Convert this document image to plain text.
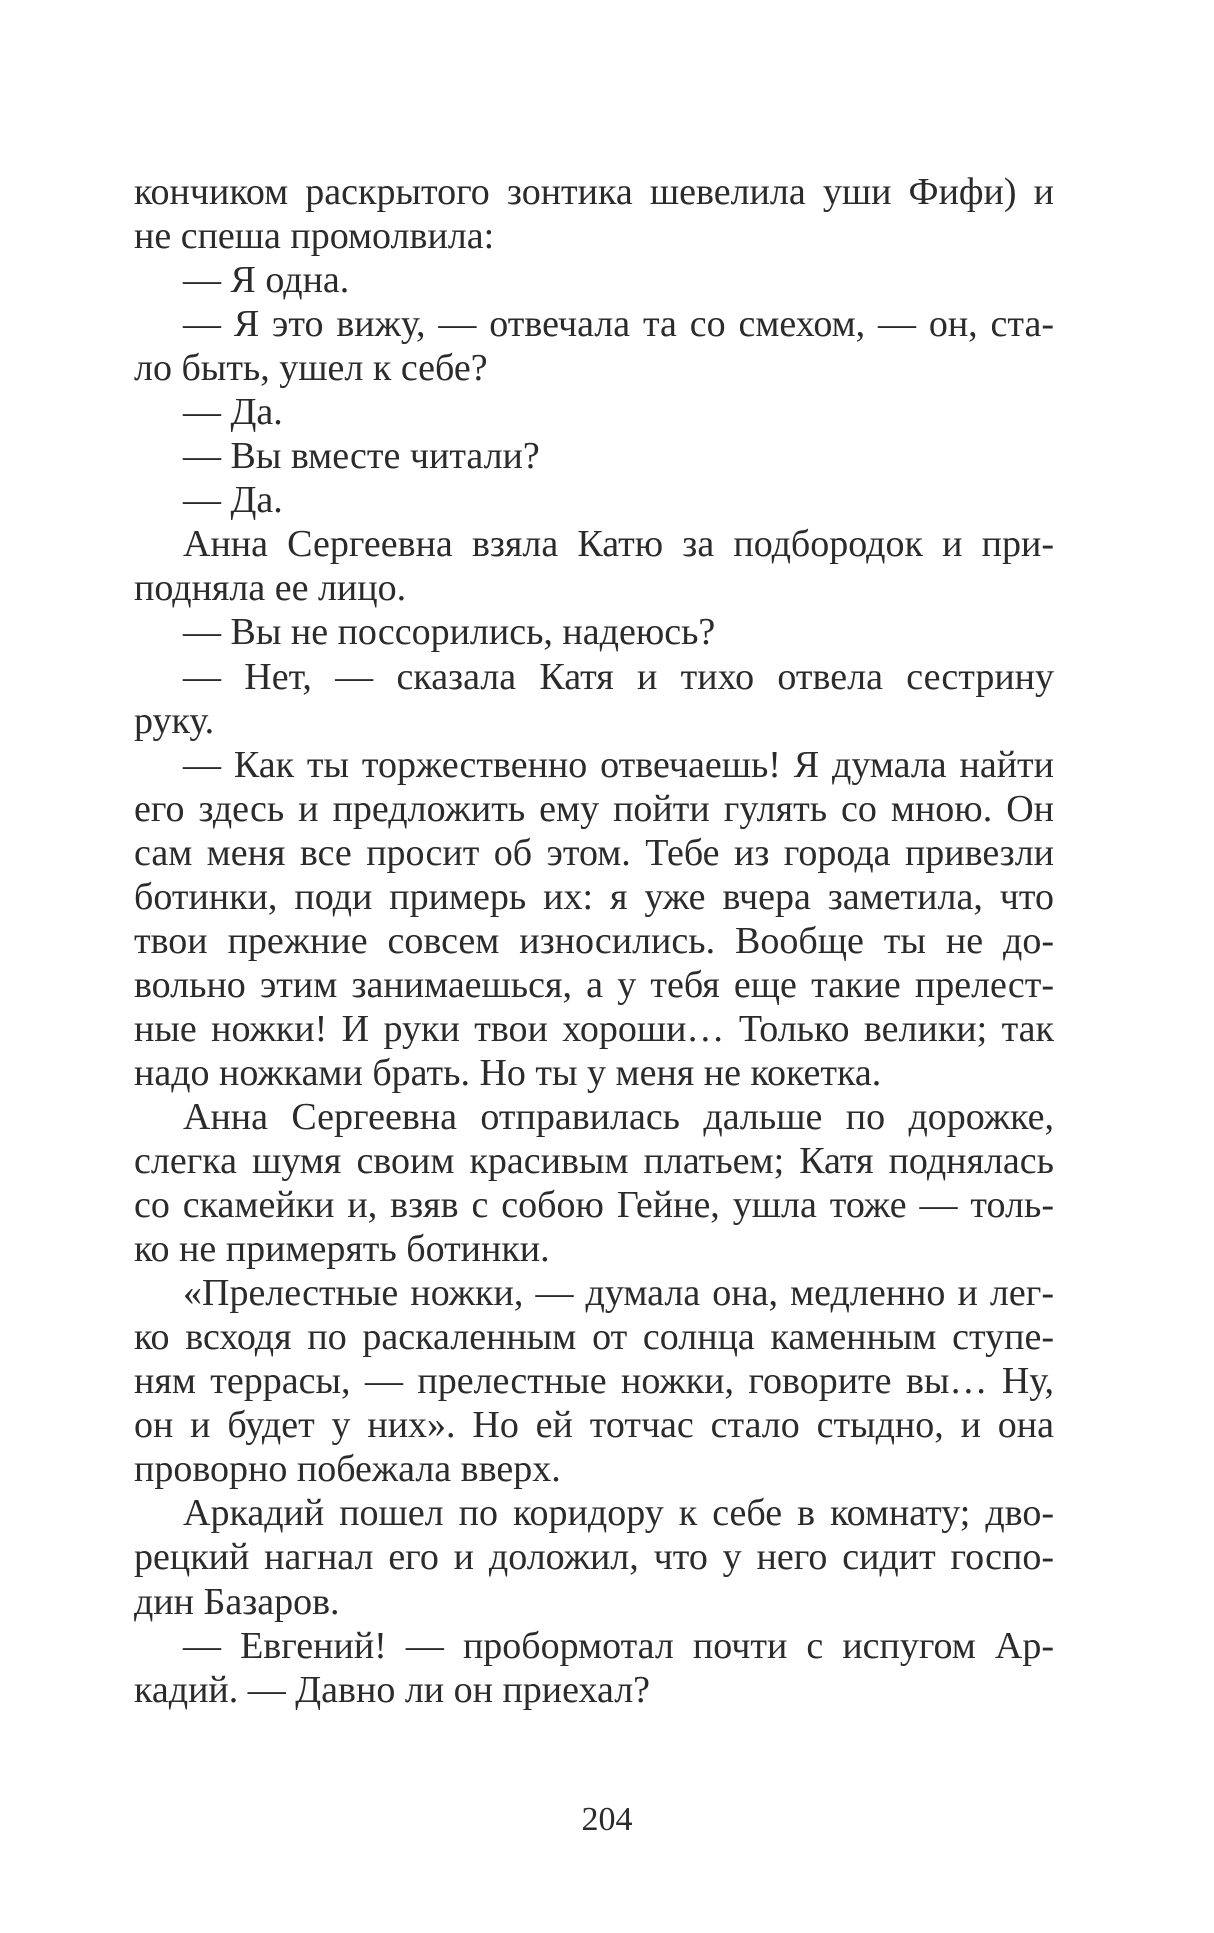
кончиком раскрытого зонтика шевелила уши Фифи) и
не спеша промолвила:
— Я одна.
— Я это вижу, — отвечала та со смехом, — он, ста-
ло быть, ушел к себе?
— Да.
— Вы вместе читали?
— Да.
Анна Сергеевна взяла Катю за подбородок и при-
подняла ее лицо.
— Вы не поссорились, надеюсь?
— Нет, — сказала Катя и тихо отвела сестрину
руку.
— Как ты торжественно отвечаешь! Я думала найти
его здесь и предложить ему пойти гулять со мною. Он
сам меня все просит об этом. Тебе из города привезли
ботинки, поди примерь их: я уже вчера заметила, что
твои прежние совсем износились. Вообще ты не до-
вольно этим занимаешься, а у тебя еще такие прелест-
ные ножки! И руки твои хороши… Только велики; так
надо ножками брать. Но ты у меня не кокетка.
Анна Сергеевна отправилась дальше по дорожке,
слегка шумя своим красивым платьем; Катя поднялась
со скамейки и, взяв с собою Гейне, ушла тоже — толь-
ко не примерять ботинки.
«Прелестные ножки, — думала она, медленно и лег-
ко всходя по раскаленным от солнца каменным ступе-
ням террасы, — прелестные ножки, говорите вы… Ну,
он и будет у них». Но ей тотчас стало стыдно, и она
проворно побежала вверх.
Аркадий пошел по коридору к себе в комнату; дво-
рецкий нагнал его и доложил, что у него сидит госпо-
дин Базаров.
— Евгений! — пробормотал почти с испугом Ар-
кадий. — Давно ли он приехал?
204
